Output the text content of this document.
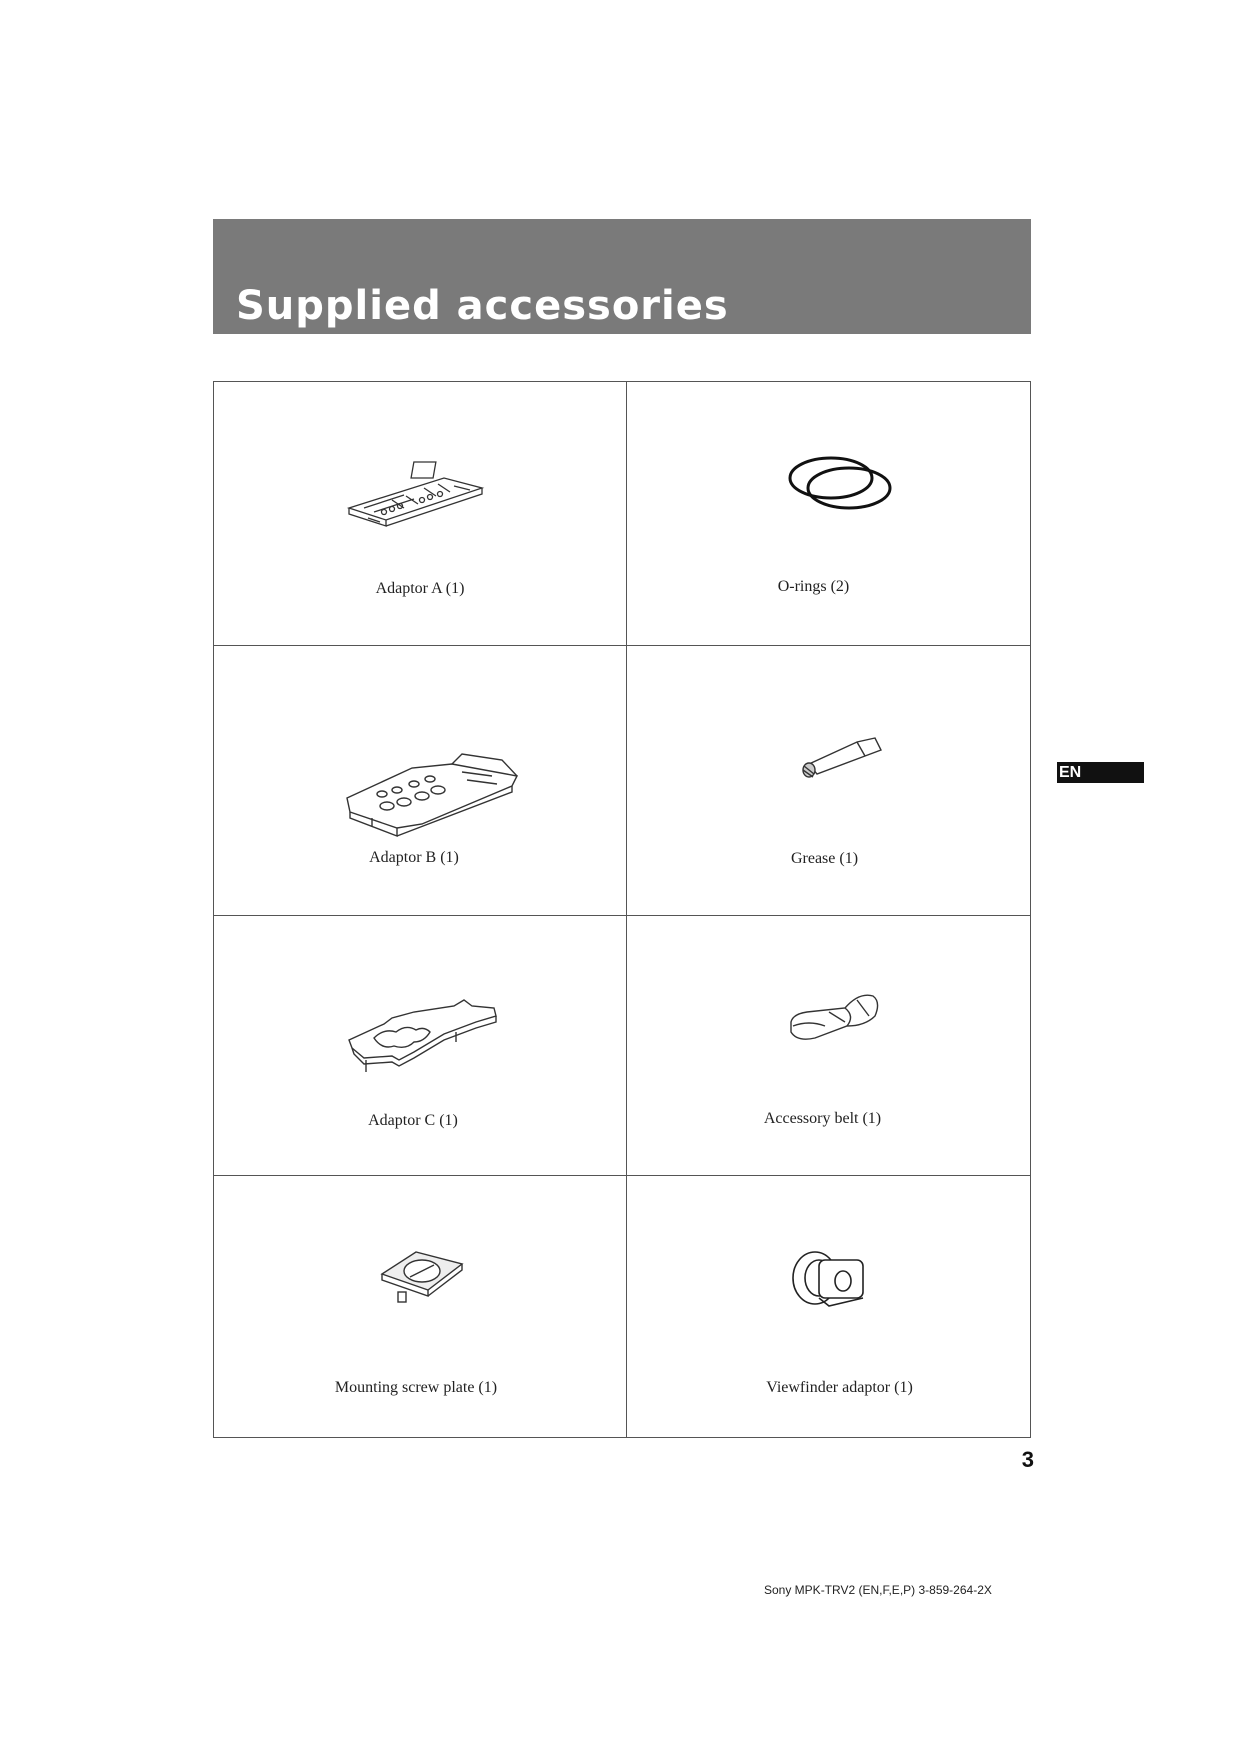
Supplied accessories
Adaptor A (1)	O-rings (2)
Adaptor B (1)	Grease (1)
Adaptor C (1)	Accessory belt (1)
Mounting screw plate (1)	Viewfinder adaptor (1)
EN
3
Sony MPK-TRV2 (EN,F,E,P) 3-859-264-2X
